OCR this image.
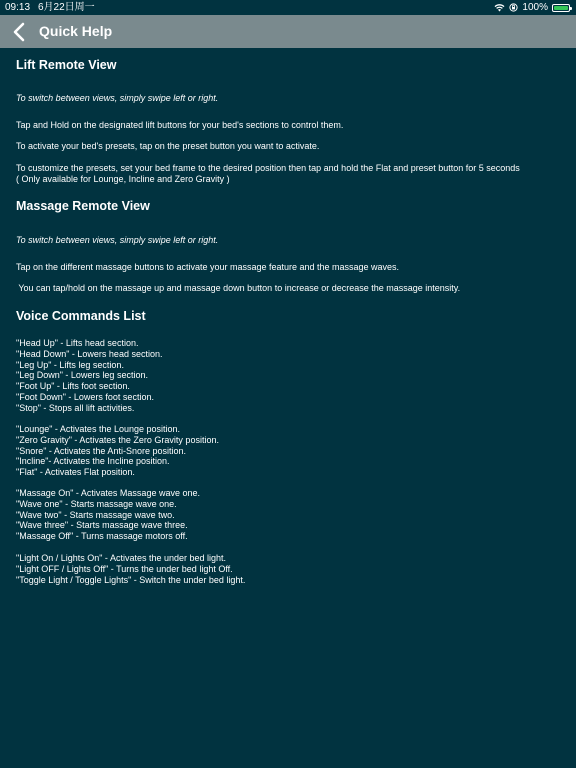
09:13 6月22日周一	100%
Quick Help
Lift Remote View

To switch between views, simply swipe left or right.

Tap and Hold on the designated lift buttons for your bed's sections to control them.

To activate your bed's presets, tap on the preset button you want to activate.

To customize the presets, set your bed frame to the desired position then tap and hold the Flat and preset button for 5 seconds

( Only available for Lounge, Incline and Zero Gravity )

Massage Remote View

To switch between views, simply swipe left or right.

Tap on the different massage buttons to activate your massage feature and the massage waves.

You can tap/hold on the massage up and massage down button to increase or decrease the massage intensity.

Voice Commands List
"Head Up" - Lifts head section.
"Head Down" - Lowers head section.
"Leg Up" - Lifts leg section.
"Leg Down" - Lowers leg section.
"Foot Up" - Lifts foot section.
"Foot Down" - Lowers foot section.
"Stop" - Stops all lift activities.
"Lounge" - Activates the Lounge position.
"Zero Gravity" - Activates the Zero Gravity position.
"Snore" - Activates the Anti-Snore position.
"Incline"- Activates the Incline position.
"Flat" - Activates Flat position.
"Massage On" - Activates Massage wave one.
"Wave one" - Starts massage wave one.
"Wave two" - Starts massage wave two.
"Wave three" - Starts massage wave three.
"Massage Off" - Turns massage motors off.
"Light On / Lights On" - Activates the under bed light.
"Light OFF / Lights Off" - Turns the under bed light Off.
"Toggle Light / Toggle Lights" - Switch the under bed light.
